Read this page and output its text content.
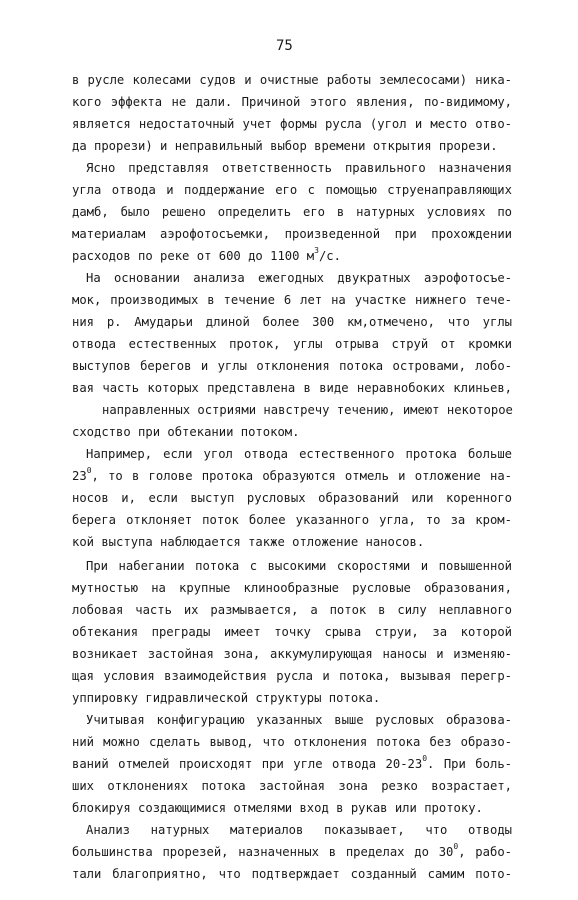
75
в русле колесами судов и очистные работы землесосами) ника-
кого эффекта не дали. Причиной этого явления, по-видимому,
является недостаточный учет формы русла (угол и место отво-
да прорези) и неправильный выбор времени открытия прорези.
Ясно представляя ответственность правильного назначения
угла отвода и поддержание его с помощью струенаправляющих
дамб, было решено определить его в натурных условиях по
материалам аэрофотосъемки, произведенной при прохождении
расходов по реке от 600 до 1100 $м^3/с$.
На основании анализа ежегодных двукратных аэрофотосъе-
мок, производимых в течение 6 лет на участке нижнего тече-
ния р. Амударьи длиной более 300 км,отмечено, что углы
отвода естественных проток, углы отрыва струй от кромки
выступов берегов и углы отклонения потока островами, лобо-
вая часть которых представлена в виде неравнобоких клиньев,
направленных остриями навстречу течению, имеют некоторое
сходство при обтекании потоком.
Например, если угол отвода естественного протока больше
$23^0$, то в голове протока образуются отмель и отложение на-
носов и, если выступ русловых образований или коренного
берега отклоняет поток более указанного угла, то за кром-
кой выступа наблюдается также отложение наносов.
При набегании потока с высокими скоростями и повышенной
мутностью на крупные клинообразные русловые образования,
лобовая часть их размывается, а поток в силу неплавного
обтекания преграды имеет точку срыва струи, за которой
возникает застойная зона, аккумулирующая наносы и изменяю-
щая условия взаимодействия русла и потока, вызывая перегр-
уппировку гидравлической структуры потока.
Учитывая конфигурацию указанных выше русловых образова-
ний можно сделать вывод, что отклонения потока без образо-
ваний отмелей происходят при угле отвода $20-23^0$. При боль-
ших отклонениях потока застойная зона резко возрастает,
блокируя создающимися отмелями вход в рукав или протоку.
Анализ натурных материалов показывает, что отводы
большинства прорезей, назначенных в пределах до $30^0$, рабо-
тали благоприятно, что подтверждает созданный самим пото-
